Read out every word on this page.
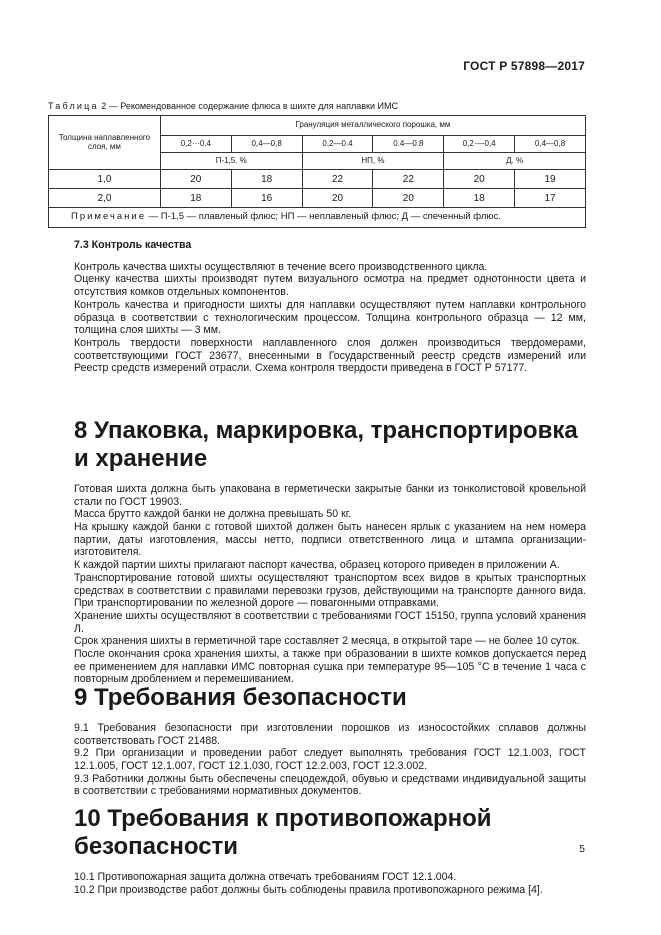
ГОСТ Р 57898—2017
Таблица 2 — Рекомендованное содержание флюса в шихте для наплавки ИМС
Толщина наплавленного слоя, мм	Грануляция металлического порошка, мм					
	0,2···0,4	0,4—0,8	0,2—0.4	0.4—0.8	0,2·—0,4	0,4—0,8
	П-1,5. %		НП, %		Д. %	
1,0	20	18	22	22	20	19
2,0	18	16	20	20	18	17
Примечание — П-1,5 — плавленый флюс; НП — неплавленый флюс; Д — спеченный флюс.						
7.3 Контроль качества

Контроль качества шихты осуществляют в течение всего производственного цикла.

Оценку качества шихты производят путем визуального осмотра на предмет однотонности цвета и отсутствия комков отдельных компонентов.

Контроль качества и пригодности шихты для наплавки осуществляют путем наплавки контрольного образца в соответствии с технологическим процессом. Толщина контрольного образца — 12 мм, толщина слоя шихты — 3 мм.

Контроль твердости поверхности наплавленного слоя должен производиться твердомерами, соответствующими ГОСТ 23677, внесенными в Государственный реестр средств измерений или Реестр средств измерений отрасли. Схема контроля твердости приведена в ГОСТ Р 57177.

8 Упаковка, маркировка, транспортировка и хранение

Готовая шихта должна быть упакована в герметически закрытые банки из тонколистовой кровельной стали по ГОСТ 19903.

Масса брутто каждой банки не должна превышать 50 кг.

На крышку каждой банки с готовой шихтой должен быть нанесен ярлык с указанием на нем номера партии, даты изготовления, массы нетто, подписи ответственного лица и штампа организации-изготовителя.

К каждой партии шихты прилагают паспорт качества, образец которого приведен в приложении А.

Транспортирование готовой шихты осуществляют транспортом всех видов в крытых транспортных средствах в соответствии с правилами перевозки грузов, действующими на транспорте данного вида. При транспортировании по железной дороге — повагонными отправками.

Хранение шихты осуществляют в соответствии с требованиями ГОСТ 15150, группа условий хранения Л.

Срок хранения шихты в герметичной таре составляет 2 месяца, в открытой таре — не более 10 суток.

После окончания срока хранения шихты, а также при образовании в шихте комков допускается перед ее применением для наплавки ИМС повторная сушка при температуре 95—105 °С в течение 1 часа с повторным дроблением и перемешиванием.

9 Требования безопасности

9.1 Требования безопасности при изготовлении порошков из износостойких сплавов должны соответствовать ГОСТ 21488.

9.2 При организации и проведении работ следует выполнять требования ГОСТ 12.1.003, ГОСТ 12.1.005, ГОСТ 12.1.007, ГОСТ 12.1.030, ГОСТ 12.2.003, ГОСТ 12.3.002.

9.3 Работники должны быть обеспечены спецодеждой, обувью и средствами индивидуальной защиты в соответствии с требованиями нормативных документов.

10 Требования к противопожарной безопасности

10.1 Противопожарная защита должна отвечать требованиям ГОСТ 12.1.004.

10.2 При производстве работ должны быть соблюдены правила противопожарного режима [4].

5
